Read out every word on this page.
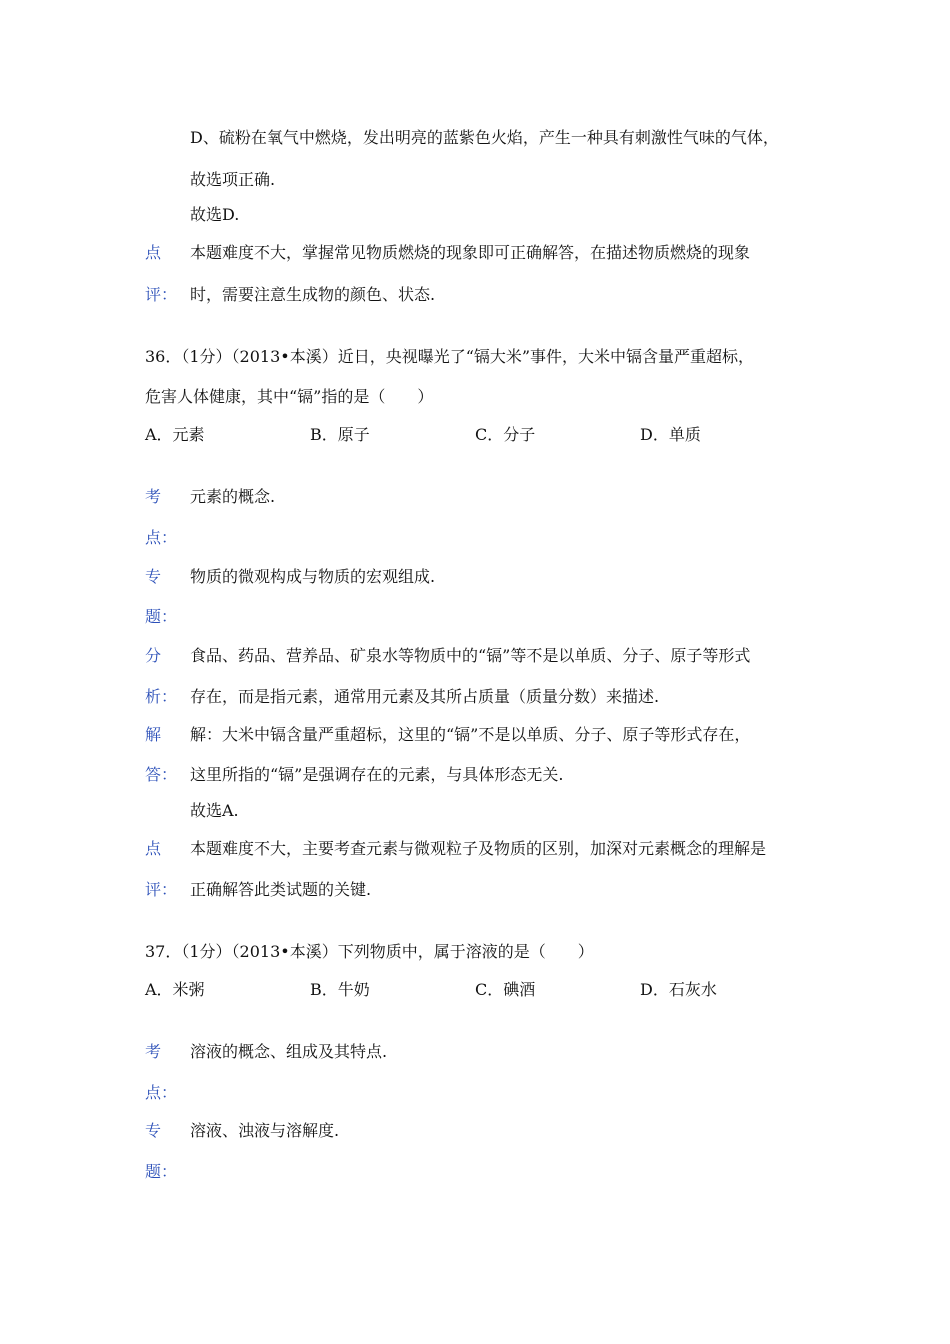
D、硫粉在氧气中燃烧，发出明亮的蓝紫色火焰，产生一种具有刺激性气味的气体，
故选项正确.
故选D.
点 本题难度不大，掌握常见物质燃烧的现象即可正确解答，在描述物质燃烧的现象
评： 时，需要注意生成物的颜色、状态.
36．（1分）（2013•本溪）近日，央视曝光了“镉大米”事件，大米中镉含量严重超标，
危害人体健康，其中“镉”指的是（　　）
A．元素	B．原子	C．分子	D．单质
考 元素的概念.
点：
专 物质的微观构成与物质的宏观组成.
题：
分 食品、药品、营养品、矿泉水等物质中的“镉”等不是以单质、分子、原子等形式
析： 存在，而是指元素，通常用元素及其所占质量（质量分数）来描述.
解 解：大米中镉含量严重超标，这里的“镉”不是以单质、分子、原子等形式存在，
答： 这里所指的“镉”是强调存在的元素，与具体形态无关.
故选A.
点 本题难度不大，主要考查元素与微观粒子及物质的区别，加深对元素概念的理解是
评： 正确解答此类试题的关键.
37．（1分）（2013•本溪）下列物质中，属于溶液的是（　　）
A．米粥	B．牛奶	C．碘酒	D．石灰水
考 溶液的概念、组成及其特点.
点：
专 溶液、浊液与溶解度.
题：
